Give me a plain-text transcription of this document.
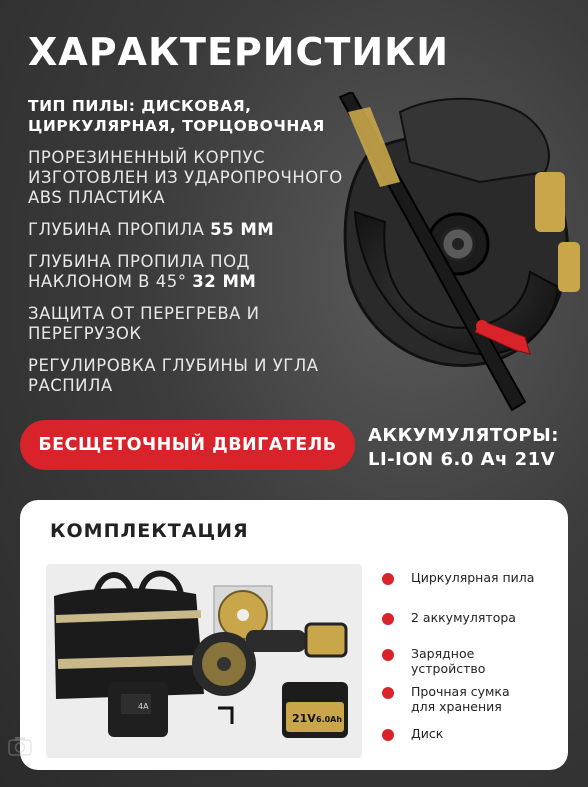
ХАРАКТЕРИСТИКИ
ТИП ПИЛЫ: ДИСКОВАЯ, ЦИРКУЛЯРНАЯ, ТОРЦОВОЧНАЯ
ПРОРЕЗИНЕННЫЙ КОРПУС ИЗГОТОВЛЕН ИЗ УДАРОПРОЧНОГО ABS ПЛАСТИКА
ГЛУБИНА ПРОПИЛА 55 ММ
ГЛУБИНА ПРОПИЛА ПОД НАКЛОНОМ В 45° 32 ММ
ЗАЩИТА ОТ ПЕРЕГРЕВА И ПЕРЕГРУЗОК
РЕГУЛИРОВКА ГЛУБИНЫ И УГЛА РАСПИЛА
БЕСЩЕТОЧНЫЙ ДВИГАТЕЛЬ	АККУМУЛЯТОРЫ:
LI-ION 6.0 Ач 21V
КОМПЛЕКТАЦИЯ
4A
21V 6.0Ah
Циркулярная пила
2 аккумулятора
Зарядное устройство
Прочная сумка для хранения
Диск
